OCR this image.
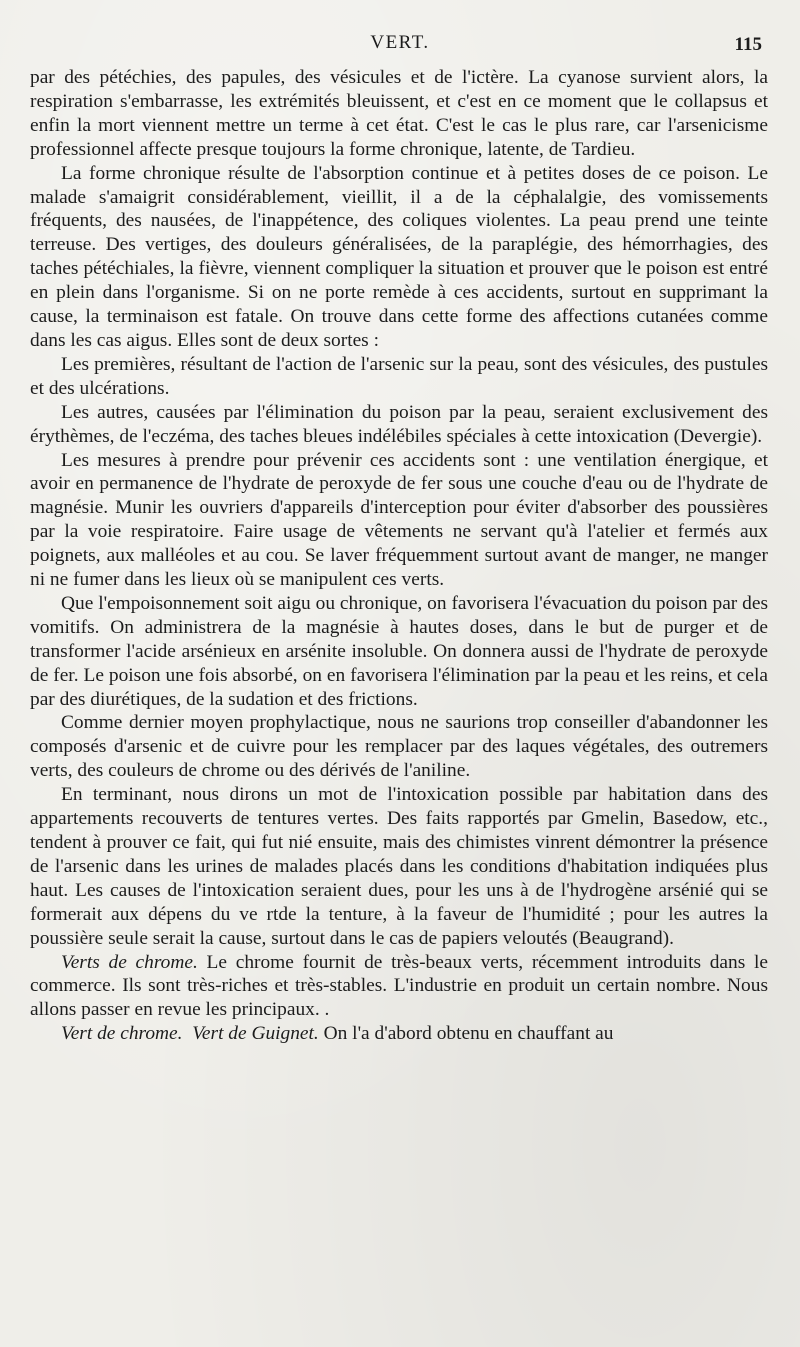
VERT.	115

par des pétéchies, des papules, des vésicules et de l'ictère. La cyanose survient alors, la respiration s'embarrasse, les extrémités bleuissent, et c'est en ce moment que le collapsus et enfin la mort viennent mettre un terme à cet état. C'est le cas le plus rare, car l'arsenicisme professionnel affecte presque toujours la forme chronique, latente, de Tardieu.

La forme chronique résulte de l'absorption continue et à petites doses de ce poison. Le malade s'amaigrit considérablement, vieillit, il a de la céphalalgie, des vomissements fréquents, des nausées, de l'inappétence, des coliques violentes. La peau prend une teinte terreuse. Des vertiges, des douleurs généralisées, de la paraplégie, des hémorrhagies, des taches pétéchiales, la fièvre, viennent compliquer la situation et prouver que le poison est entré en plein dans l'organisme. Si on ne porte remède à ces accidents, surtout en supprimant la cause, la terminaison est fatale. On trouve dans cette forme des affections cutanées comme dans les cas aigus. Elles sont de deux sortes :

Les premières, résultant de l'action de l'arsenic sur la peau, sont des vésicules, des pustules et des ulcérations.

Les autres, causées par l'élimination du poison par la peau, seraient exclusivement des érythèmes, de l'eczéma, des taches bleues indélébiles spéciales à cette intoxication (Devergie).

Les mesures à prendre pour prévenir ces accidents sont : une ventilation énergique, et avoir en permanence de l'hydrate de peroxyde de fer sous une couche d'eau ou de l'hydrate de magnésie. Munir les ouvriers d'appareils d'interception pour éviter d'absorber des poussières par la voie respiratoire. Faire usage de vêtements ne servant qu'à l'atelier et fermés aux poignets, aux malléoles et au cou. Se laver fréquemment surtout avant de manger, ne manger ni ne fumer dans les lieux où se manipulent ces verts.

Que l'empoisonnement soit aigu ou chronique, on favorisera l'évacuation du poison par des vomitifs. On administrera de la magnésie à hautes doses, dans le but de purger et de transformer l'acide arsénieux en arsénite insoluble. On donnera aussi de l'hydrate de peroxyde de fer. Le poison une fois absorbé, on en favorisera l'élimination par la peau et les reins, et cela par des diurétiques, de la sudation et des frictions.

Comme dernier moyen prophylactique, nous ne saurions trop conseiller d'abandonner les composés d'arsenic et de cuivre pour les remplacer par des laques végétales, des outremers verts, des couleurs de chrome ou des dérivés de l'aniline.

En terminant, nous dirons un mot de l'intoxication possible par habitation dans des appartements recouverts de tentures vertes. Des faits rapportés par Gmelin, Basedow, etc., tendent à prouver ce fait, qui fut nié ensuite, mais des chimistes vinrent démontrer la présence de l'arsenic dans les urines de malades placés dans les conditions d'habitation indiquées plus haut. Les causes de l'intoxication seraient dues, pour les uns à de l'hydrogène arsénié qui se formerait aux dépens du ve rtde la tenture, à la faveur de l'humidité ; pour les autres la poussière seule serait la cause, surtout dans le cas de papiers veloutés (Beaugrand).

Verts de chrome. Le chrome fournit de très-beaux verts, récemment introduits dans le commerce. Ils sont très-riches et très-stables. L'industrie en produit un certain nombre. Nous allons passer en revue les principaux. .

Vert de chrome. Vert de Guignet. On l'a d'abord obtenu en chauffant au
